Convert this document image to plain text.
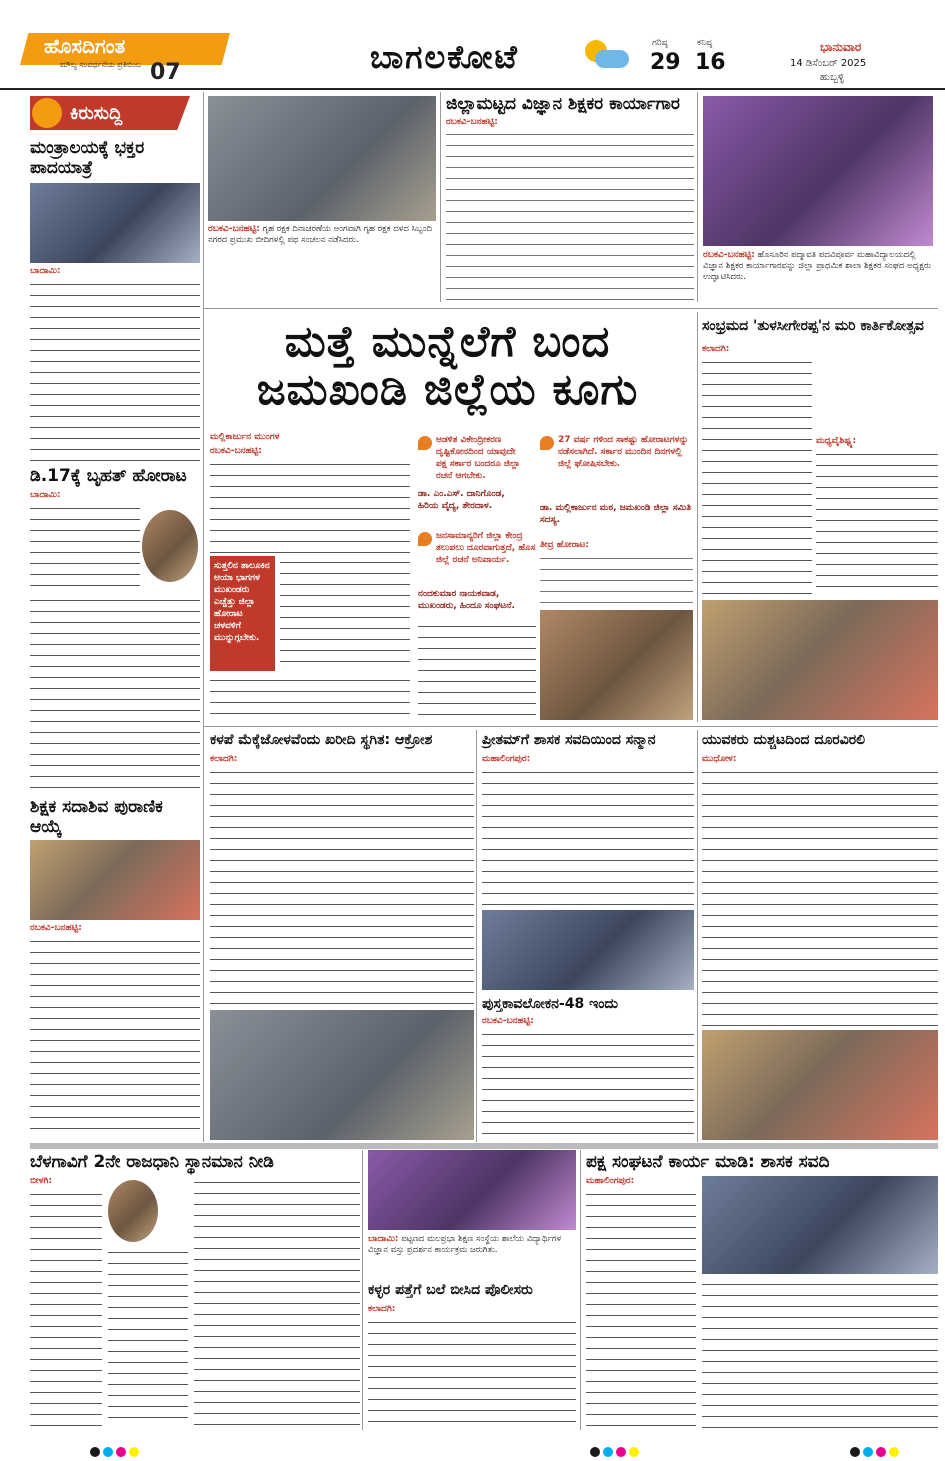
ಹೊಸದಿಗಂತ
ಮೌಲ್ಯ ಸಂವರ್ಧನೆಯ ಪ್ರತಿಬಿಂಬ 07	ಬಾಗಲಕೋಟೆ	ಗರಿಷ್ಠ
29
ಕನಿಷ್ಠ
16
ಭಾನುವಾರ
14 ಡಿಸೆಂಬರ್ 2025
ಹುಬ್ಬಳ್ಳಿ
ಕಿರುಸುದ್ದಿ
ಮಂತ್ರಾಲಯಕ್ಕೆ ಭಕ್ತರ ಪಾದಯಾತ್ರೆ
ಬಾದಾಮಿ:
ಡಿ.17ಕ್ಕೆ ಬೃಹತ್ ಹೋರಾಟ
ಬಾದಾಮಿ:
ಶಿಕ್ಷಕ ಸದಾಶಿವ ಪುರಾಣಿಕ ಆಯ್ಕೆ
ರಬಕವಿ-ಬನಹಟ್ಟಿ:
ರಬಕವಿ-ಬನಹಟ್ಟಿ: ಗೃಹ ರಕ್ಷಕ ದಿನಾಚರಣೆಯ ಅಂಗವಾಗಿ ಗೃಹ ರಕ್ಷಕ ದಳದ ಸಿಬ್ಬಂದಿ ನಗರದ ಪ್ರಮುಖ ಬೀದಿಗಳಲ್ಲಿ ಪಥ ಸಂಚಲನ ನಡೆಸಿದರು.
ಜಿಲ್ಲಾಮಟ್ಟದ ವಿಜ್ಞಾನ ಶಿಕ್ಷಕರ ಕಾರ್ಯಾಗಾರ
ರಬಕವಿ-ಬನಹಟ್ಟಿ:
ರಬಕವಿ-ಬನಹಟ್ಟಿ: ಹೊಸೂರಿನ ಪದ್ಮಾವತಿ ಪದವಿಪೂರ್ವ ಮಹಾವಿದ್ಯಾಲಯದಲ್ಲಿ ವಿಜ್ಞಾನ ಶಿಕ್ಷಕರ ಕಾರ್ಯಾಗಾರವನ್ನು ಜಿಲ್ಲಾ ಪ್ರಾಥಮಿಕ ಶಾಲಾ ಶಿಕ್ಷಕರ ಸಂಘದ ಅಧ್ಯಕ್ಷರು ಉದ್ಘಾಟಿಸಿದರು.
ಮತ್ತೆ ಮುನ್ನೆಲೆಗೆ ಬಂದ ಜಮಖಂಡಿ ಜಿಲ್ಲೆಯ ಕೂಗು
ಮಲ್ಲಿಕಾರ್ಜುನ ಮುಂಗಳ
ರಬಕವಿ-ಬನಹಟ್ಟಿ:
ಸುತ್ತಲಿನ ತಾಲೂಕಿನ ಆಯಾ ಭಾಗಗಳ ಮುಖಂಡರು ಎಚ್ಚೆತ್ತು ಜಿಲ್ಲಾ ಹೋರಾಟ ಚಳವಳಿಗೆ ಮುನ್ನುಗ್ಗಬೇಕು.
ಆಡಳಿತ ವಿಕೇಂದ್ರೀಕರಣ ದೃಷ್ಟಿಕೋನದಿಂದ ಯಾವುದೇ ಪಕ್ಷ ಸರ್ಕಾರ ಬಂದರೂ ಜಿಲ್ಲಾ ರಚನೆ ಆಗಬೇಕು.
ಡಾ. ಎಂ.ಎಸ್. ದಾನಿಗೊಂಡ, ಹಿರಿಯ ವೈದ್ಯ, ತೇರದಾಳ.
27 ವರ್ಷ ಗಳಿಂದ ಸಾಕಷ್ಟು ಹೋರಾಟಗಳನ್ನು ನಡೆಸಲಾಗಿದೆ. ಸರ್ಕಾರ ಮುಂದಿನ ದಿನಗಳಲ್ಲಿ ಜಿಲ್ಲೆ ಘೋಷಿಸಬೇಕು.
ಡಾ. ಮಲ್ಲಿಕಾರ್ಜುನ ಮಠ, ಜಮಖಂಡಿ ಜಿಲ್ಲಾ ಸಮಿತಿ ಸದಸ್ಯ.
ಜನಸಾಮಾನ್ಯರಿಗೆ ಜಿಲ್ಲಾ ಕೇಂದ್ರ ತಲುಪಲು ದೂರವಾಗುತ್ತದೆ, ಹೊಸ ಜಿಲ್ಲೆ ರಚನೆ ಅನಿವಾರ್ಯ.
ನಂದಕುಮಾರ ನಾಯಕವಾಡ, ಮುಖಂಡರು, ಹಿಂದೂ ಸಂಘಟನೆ.
ತೀವ್ರ ಹೋರಾಟ:
ಸಂಭ್ರಮದ 'ತುಳಸೀಗೇರಪ್ಪ'ನ ಮರಿ ಕಾರ್ತಿಕೋತ್ಸವ
ಕಲಾದಗಿ:
ಮಧ್ಯವೈಶಿಷ್ಟ್ಯ:
ಕಳಪೆ ಮೆಕ್ಕೆಜೋಳವೆಂದು ಖರೀದಿ ಸ್ಥಗಿತ: ಆಕ್ರೋಶ
ಕಲಾದಗಿ:
ಪ್ರೀತಮ್‌ಗೆ ಶಾಸಕ ಸವದಿಯಿಂದ ಸನ್ಮಾನ
ಮಹಾಲಿಂಗಪುರ:
ಪುಸ್ತಕಾವಲೋಕನ-48 ಇಂದು
ರಬಕವಿ-ಬನಹಟ್ಟಿ:
ಯುವಕರು ದುಶ್ಚಟದಿಂದ ದೂರವಿರಲಿ
ಮುಧೋಳ:
ಬೆಳಗಾವಿಗೆ 2ನೇ ರಾಜಧಾನಿ ಸ್ಥಾನಮಾನ ನೀಡಿ
ಬೀಳಗಿ:
ಬಾದಾಮಿ: ಪಟ್ಟಣದ ಮಲಪ್ರಭಾ ಶಿಕ್ಷಣ ಸಂಸ್ಥೆಯ ಶಾಲೆಯ ವಿದ್ಯಾರ್ಥಿಗಳ ವಿಜ್ಞಾನ ವಸ್ತು ಪ್ರದರ್ಶನ ಕಾರ್ಯಕ್ರಮ ಜರುಗಿತು.
ಕಳ್ಳರ ಪತ್ತೆಗೆ ಬಲೆ ಬೀಸಿದ ಪೊಲೀಸರು
ಕಲಾದಗಿ:
ಪಕ್ಷ ಸಂಘಟನೆ ಕಾರ್ಯ ಮಾಡಿ: ಶಾಸಕ ಸವದಿ
ಮಹಾಲಿಂಗಪುರ:
